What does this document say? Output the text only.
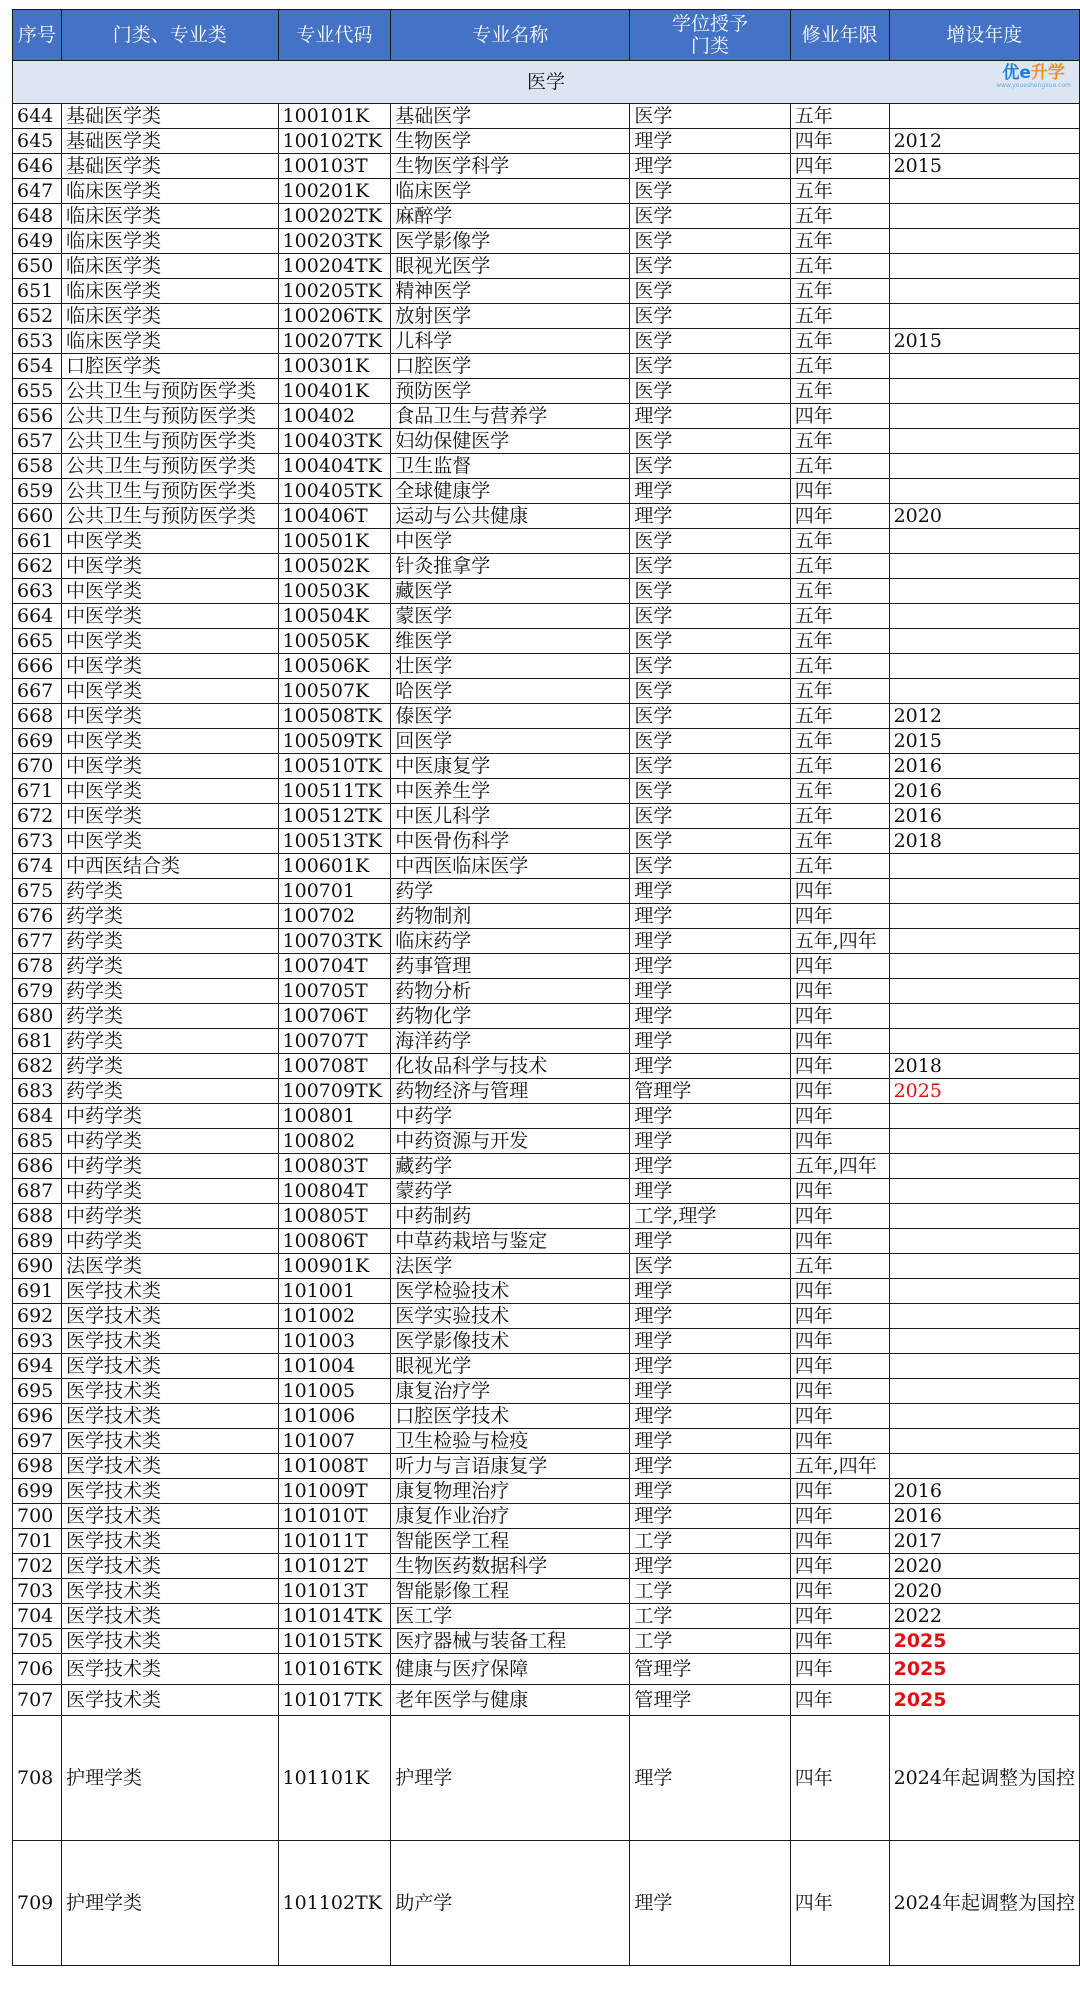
序号	门类、专业类	专业代码	专业名称	学位授予门类	修业年限	增设年度
医学 优e升学
www.youeshengxue.com						

644	基础医学类	100101K	基础医学	医学	五年	
645	基础医学类	100102TK	生物医学	理学	四年	2012
646	基础医学类	100103T	生物医学科学	理学	四年	2015
647	临床医学类	100201K	临床医学	医学	五年	
648	临床医学类	100202TK	麻醉学	医学	五年	
649	临床医学类	100203TK	医学影像学	医学	五年	
650	临床医学类	100204TK	眼视光医学	医学	五年	
651	临床医学类	100205TK	精神医学	医学	五年	
652	临床医学类	100206TK	放射医学	医学	五年	
653	临床医学类	100207TK	儿科学	医学	五年	2015
654	口腔医学类	100301K	口腔医学	医学	五年	
655	公共卫生与预防医学类	100401K	预防医学	医学	五年	
656	公共卫生与预防医学类	100402	食品卫生与营养学	理学	四年	
657	公共卫生与预防医学类	100403TK	妇幼保健医学	医学	五年	
658	公共卫生与预防医学类	100404TK	卫生监督	医学	五年	
659	公共卫生与预防医学类	100405TK	全球健康学	理学	四年	
660	公共卫生与预防医学类	100406T	运动与公共健康	理学	四年	2020
661	中医学类	100501K	中医学	医学	五年	
662	中医学类	100502K	针灸推拿学	医学	五年	
663	中医学类	100503K	藏医学	医学	五年	
664	中医学类	100504K	蒙医学	医学	五年	
665	中医学类	100505K	维医学	医学	五年	
666	中医学类	100506K	壮医学	医学	五年	
667	中医学类	100507K	哈医学	医学	五年	
668	中医学类	100508TK	傣医学	医学	五年	2012
669	中医学类	100509TK	回医学	医学	五年	2015
670	中医学类	100510TK	中医康复学	医学	五年	2016
671	中医学类	100511TK	中医养生学	医学	五年	2016
672	中医学类	100512TK	中医儿科学	医学	五年	2016
673	中医学类	100513TK	中医骨伤科学	医学	五年	2018
674	中西医结合类	100601K	中西医临床医学	医学	五年	
675	药学类	100701	药学	理学	四年	
676	药学类	100702	药物制剂	理学	四年	
677	药学类	100703TK	临床药学	理学	五年,四年	
678	药学类	100704T	药事管理	理学	四年	
679	药学类	100705T	药物分析	理学	四年	
680	药学类	100706T	药物化学	理学	四年	
681	药学类	100707T	海洋药学	理学	四年	
682	药学类	100708T	化妆品科学与技术	理学	四年	2018
683	药学类	100709TK	药物经济与管理	管理学	四年	2025
684	中药学类	100801	中药学	理学	四年	
685	中药学类	100802	中药资源与开发	理学	四年	
686	中药学类	100803T	藏药学	理学	五年,四年	
687	中药学类	100804T	蒙药学	理学	四年	
688	中药学类	100805T	中药制药	工学,理学	四年	
689	中药学类	100806T	中草药栽培与鉴定	理学	四年	
690	法医学类	100901K	法医学	医学	五年	
691	医学技术类	101001	医学检验技术	理学	四年	
692	医学技术类	101002	医学实验技术	理学	四年	
693	医学技术类	101003	医学影像技术	理学	四年	
694	医学技术类	101004	眼视光学	理学	四年	
695	医学技术类	101005	康复治疗学	理学	四年	
696	医学技术类	101006	口腔医学技术	理学	四年	
697	医学技术类	101007	卫生检验与检疫	理学	四年	
698	医学技术类	101008T	听力与言语康复学	理学	五年,四年	
699	医学技术类	101009T	康复物理治疗	理学	四年	2016
700	医学技术类	101010T	康复作业治疗	理学	四年	2016
701	医学技术类	101011T	智能医学工程	工学	四年	2017
702	医学技术类	101012T	生物医药数据科学	理学	四年	2020
703	医学技术类	101013T	智能影像工程	工学	四年	2020
704	医学技术类	101014TK	医工学	工学	四年	2022
705	医学技术类	101015TK	医疗器械与装备工程	工学	四年	2025
706	医学技术类	101016TK	健康与医疗保障	管理学	四年	2025
707	医学技术类	101017TK	老年医学与健康	管理学	四年	2025
708	护理学类	101101K	护理学	理学	四年	2024年起调整为国控
709	护理学类	101102TK	助产学	理学	四年	2024年起调整为国控
